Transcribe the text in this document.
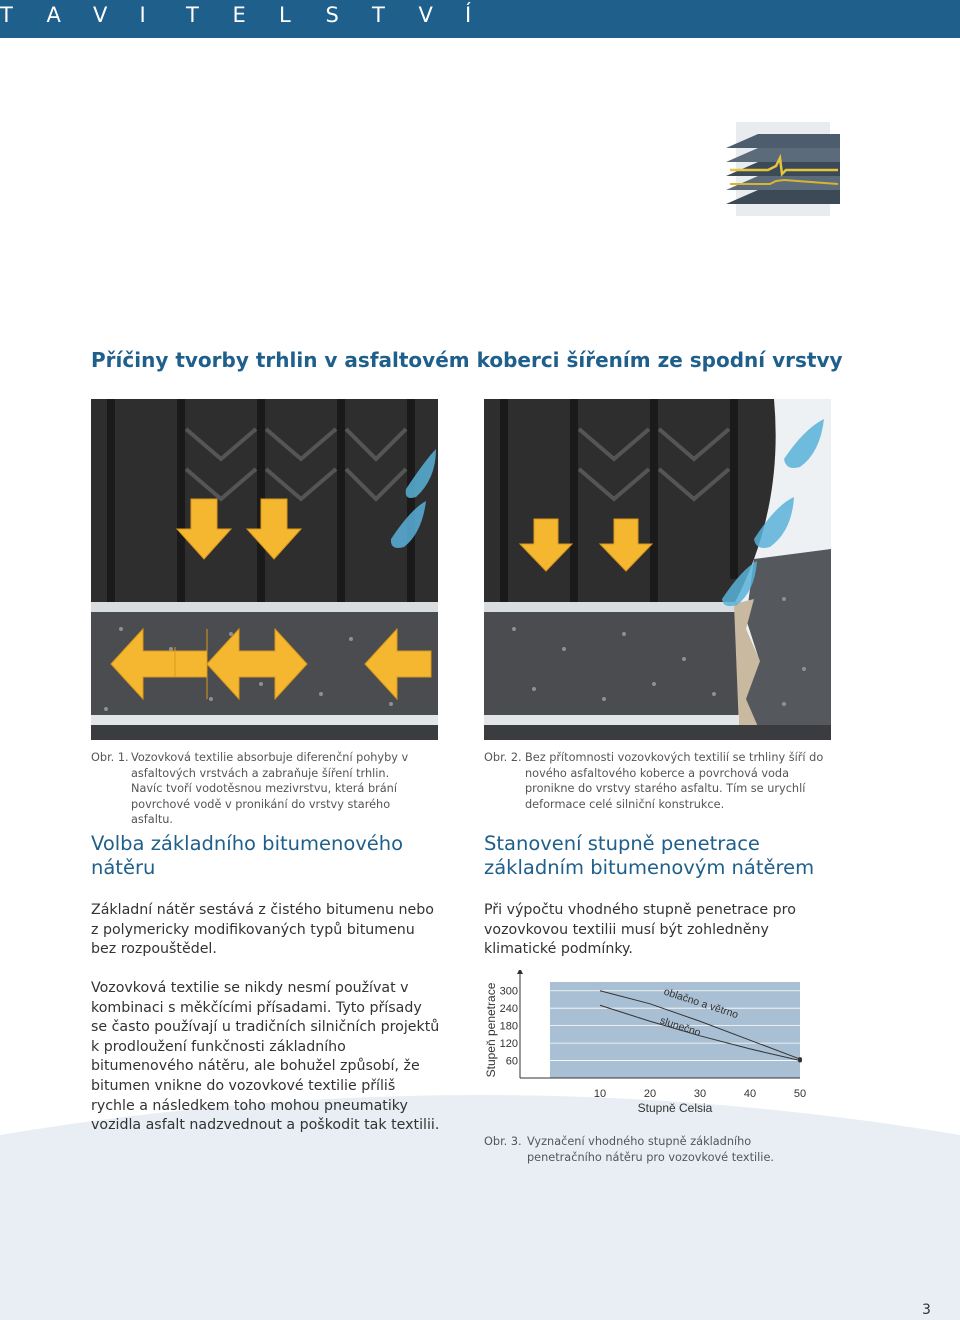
T	A	V	I	T	E	L	S	T	V	Í
Příčiny tvorby trhlin v asfaltovém koberci šířením ze spodní vrstvy
Obr. 1. Vozovková textilie absorbuje diferenční pohyby v asfaltových vrstvách a zabraňuje šíření trhlin. Navíc tvoří vodotěsnou mezivrstvu, která brání povrchové vodě v pronikání do vrstvy starého asfaltu.
Obr. 2. Bez přítomnosti vozovkových textilií se trhliny šíří do nového asfaltového koberce a povrchová voda pronikne do vrstvy starého asfaltu. Tím se urychlí deformace celé silniční konstrukce.
Volba základního bitumenového nátěru
Stanovení stupně penetrace základním bitumenovým nátěrem

Základní nátěr sestává z čistého bitumenu nebo z polymericky modifikovaných typů bitumenu bez rozpouštědel.

Vozovková textilie se nikdy nesmí používat v kombinaci s měkčícími přísadami. Tyto přísady se často používají u tradičních silničních projektů k prodloužení funkčnosti základního bitumenového nátěru, ale bohužel způsobí, že bitumen vnikne do vozovkové textilie příliš rychle a následkem toho mohou pneumatiky vozidla asfalt nadzvednout a poškodit tak textilii.

Při výpočtu vhodného stupně penetrace pro vozovkovou textilii musí být zohledněny klimatické podmínky.

oblačno a větrno
slunečno
300
240
180
120
60
10	20	30	40	50
Stupeň penetrace
Stupně Celsia
Obr. 3. Vyznačení vhodného stupně základního penetračního nátěru pro vozovkové textilie.
3
